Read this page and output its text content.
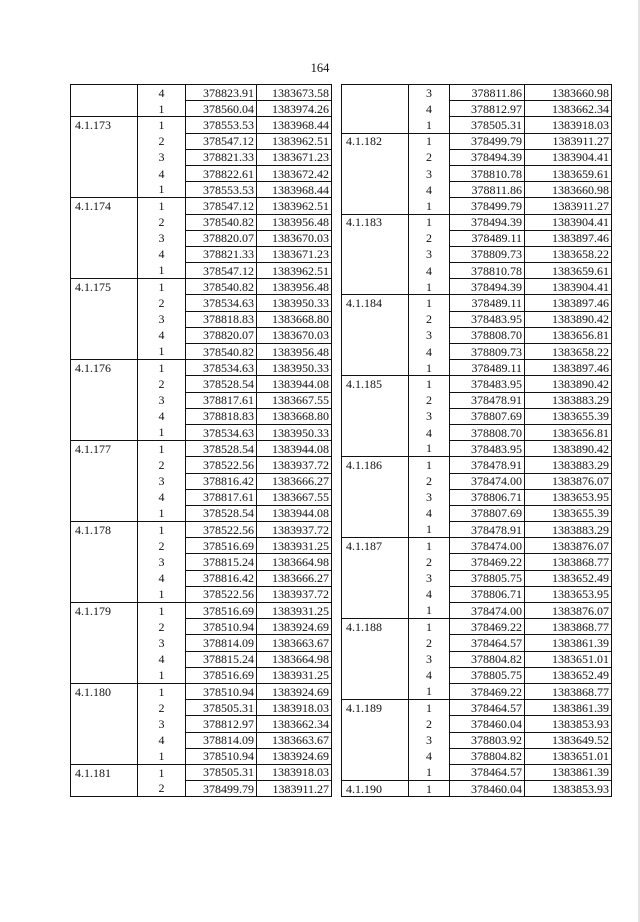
164
	4	378823.91	1383673.58
	1	378560.04	1383974.26
4.1.173	1	378553.53	1383968.44
	2	378547.12	1383962.51
	3	378821.33	1383671.23
	4	378822.61	1383672.42
	1	378553.53	1383968.44
4.1.174	1	378547.12	1383962.51
	2	378540.82	1383956.48
	3	378820.07	1383670.03
	4	378821.33	1383671.23
	1	378547.12	1383962.51
4.1.175	1	378540.82	1383956.48
	2	378534.63	1383950.33
	3	378818.83	1383668.80
	4	378820.07	1383670.03
	1	378540.82	1383956.48
4.1.176	1	378534.63	1383950.33
	2	378528.54	1383944.08
	3	378817.61	1383667.55
	4	378818.83	1383668.80
	1	378534.63	1383950.33
4.1.177	1	378528.54	1383944.08
	2	378522.56	1383937.72
	3	378816.42	1383666.27
	4	378817.61	1383667.55
	1	378528.54	1383944.08
4.1.178	1	378522.56	1383937.72
	2	378516.69	1383931.25
	3	378815.24	1383664.98
	4	378816.42	1383666.27
	1	378522.56	1383937.72
4.1.179	1	378516.69	1383931.25
	2	378510.94	1383924.69
	3	378814.09	1383663.67
	4	378815.24	1383664.98
	1	378516.69	1383931.25
4.1.180	1	378510.94	1383924.69
	2	378505.31	1383918.03
	3	378812.97	1383662.34
	4	378814.09	1383663.67
	1	378510.94	1383924.69
4.1.181	1	378505.31	1383918.03
	2	378499.79	1383911.27
	3	378811.86	1383660.98
	4	378812.97	1383662.34
	1	378505.31	1383918.03
4.1.182	1	378499.79	1383911.27
	2	378494.39	1383904.41
	3	378810.78	1383659.61
	4	378811.86	1383660.98
	1	378499.79	1383911.27
4.1.183	1	378494.39	1383904.41
	2	378489.11	1383897.46
	3	378809.73	1383658.22
	4	378810.78	1383659.61
	1	378494.39	1383904.41
4.1.184	1	378489.11	1383897.46
	2	378483.95	1383890.42
	3	378808.70	1383656.81
	4	378809.73	1383658.22
	1	378489.11	1383897.46
4.1.185	1	378483.95	1383890.42
	2	378478.91	1383883.29
	3	378807.69	1383655.39
	4	378808.70	1383656.81
	1	378483.95	1383890.42
4.1.186	1	378478.91	1383883.29
	2	378474.00	1383876.07
	3	378806.71	1383653.95
	4	378807.69	1383655.39
	1	378478.91	1383883.29
4.1.187	1	378474.00	1383876.07
	2	378469.22	1383868.77
	3	378805.75	1383652.49
	4	378806.71	1383653.95
	1	378474.00	1383876.07
4.1.188	1	378469.22	1383868.77
	2	378464.57	1383861.39
	3	378804.82	1383651.01
	4	378805.75	1383652.49
	1	378469.22	1383868.77
4.1.189	1	378464.57	1383861.39
	2	378460.04	1383853.93
	3	378803.92	1383649.52
	4	378804.82	1383651.01
	1	378464.57	1383861.39
4.1.190	1	378460.04	1383853.93
